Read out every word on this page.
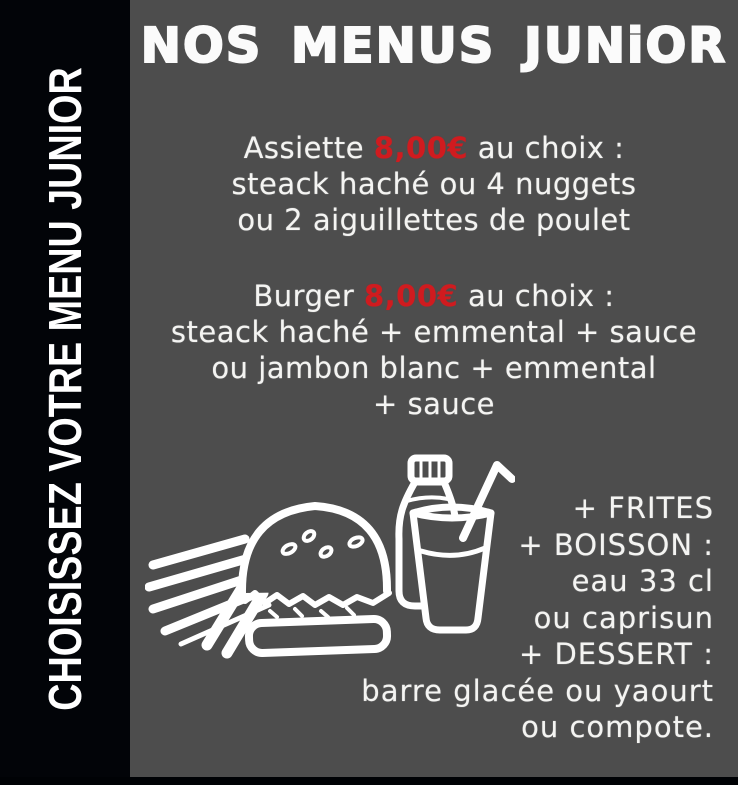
CHOISISSEZ VOTRE MENU JUNIOR
NOS MENUS JUNiOR
Assiette 8,00€ au choix :
steack haché ou 4 nuggets
ou 2 aiguillettes de poulet
Burger 8,00€ au choix :
steack haché + emmental + sauce
ou jambon blanc + emmental
+ sauce
+ FRITES
+ BOISSON :
eau 33 cl
ou caprisun
+ DESSERT :
barre glacée ou yaourt
ou compote.
